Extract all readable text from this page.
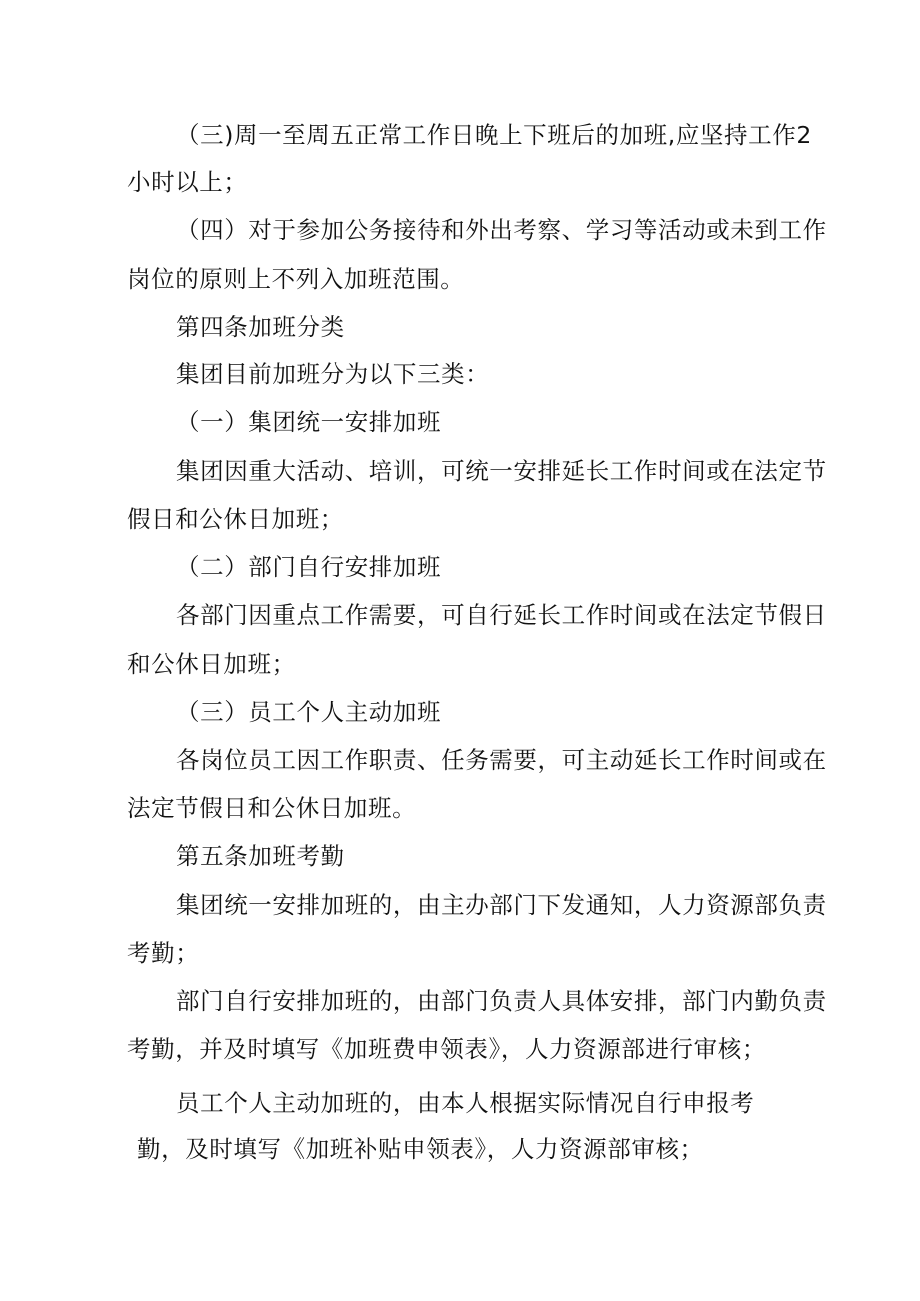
（三)周一至周五正常工作日晚上下班后的加班,应坚持工作2
小时以上；
（四）对于参加公务接待和外出考察、学习等活动或未到工作
岗位的原则上不列入加班范围。
第四条加班分类
集团目前加班分为以下三类：
（一）集团统一安排加班
集团因重大活动、培训，可统一安排延长工作时间或在法定节
假日和公休日加班；
（二）部门自行安排加班
各部门因重点工作需要，可自行延长工作时间或在法定节假日
和公休日加班；
（三）员工个人主动加班
各岗位员工因工作职责、任务需要，可主动延长工作时间或在
法定节假日和公休日加班。
第五条加班考勤
集团统一安排加班的，由主办部门下发通知，人力资源部负责
考勤；
部门自行安排加班的，由部门负责人具体安排，部门内勤负责
考勤，并及时填写《加班费申领表》，人力资源部进行审核；
员工个人主动加班的，由本人根据实际情况自行申报考
勤，及时填写《加班补贴申领表》，人力资源部审核；
